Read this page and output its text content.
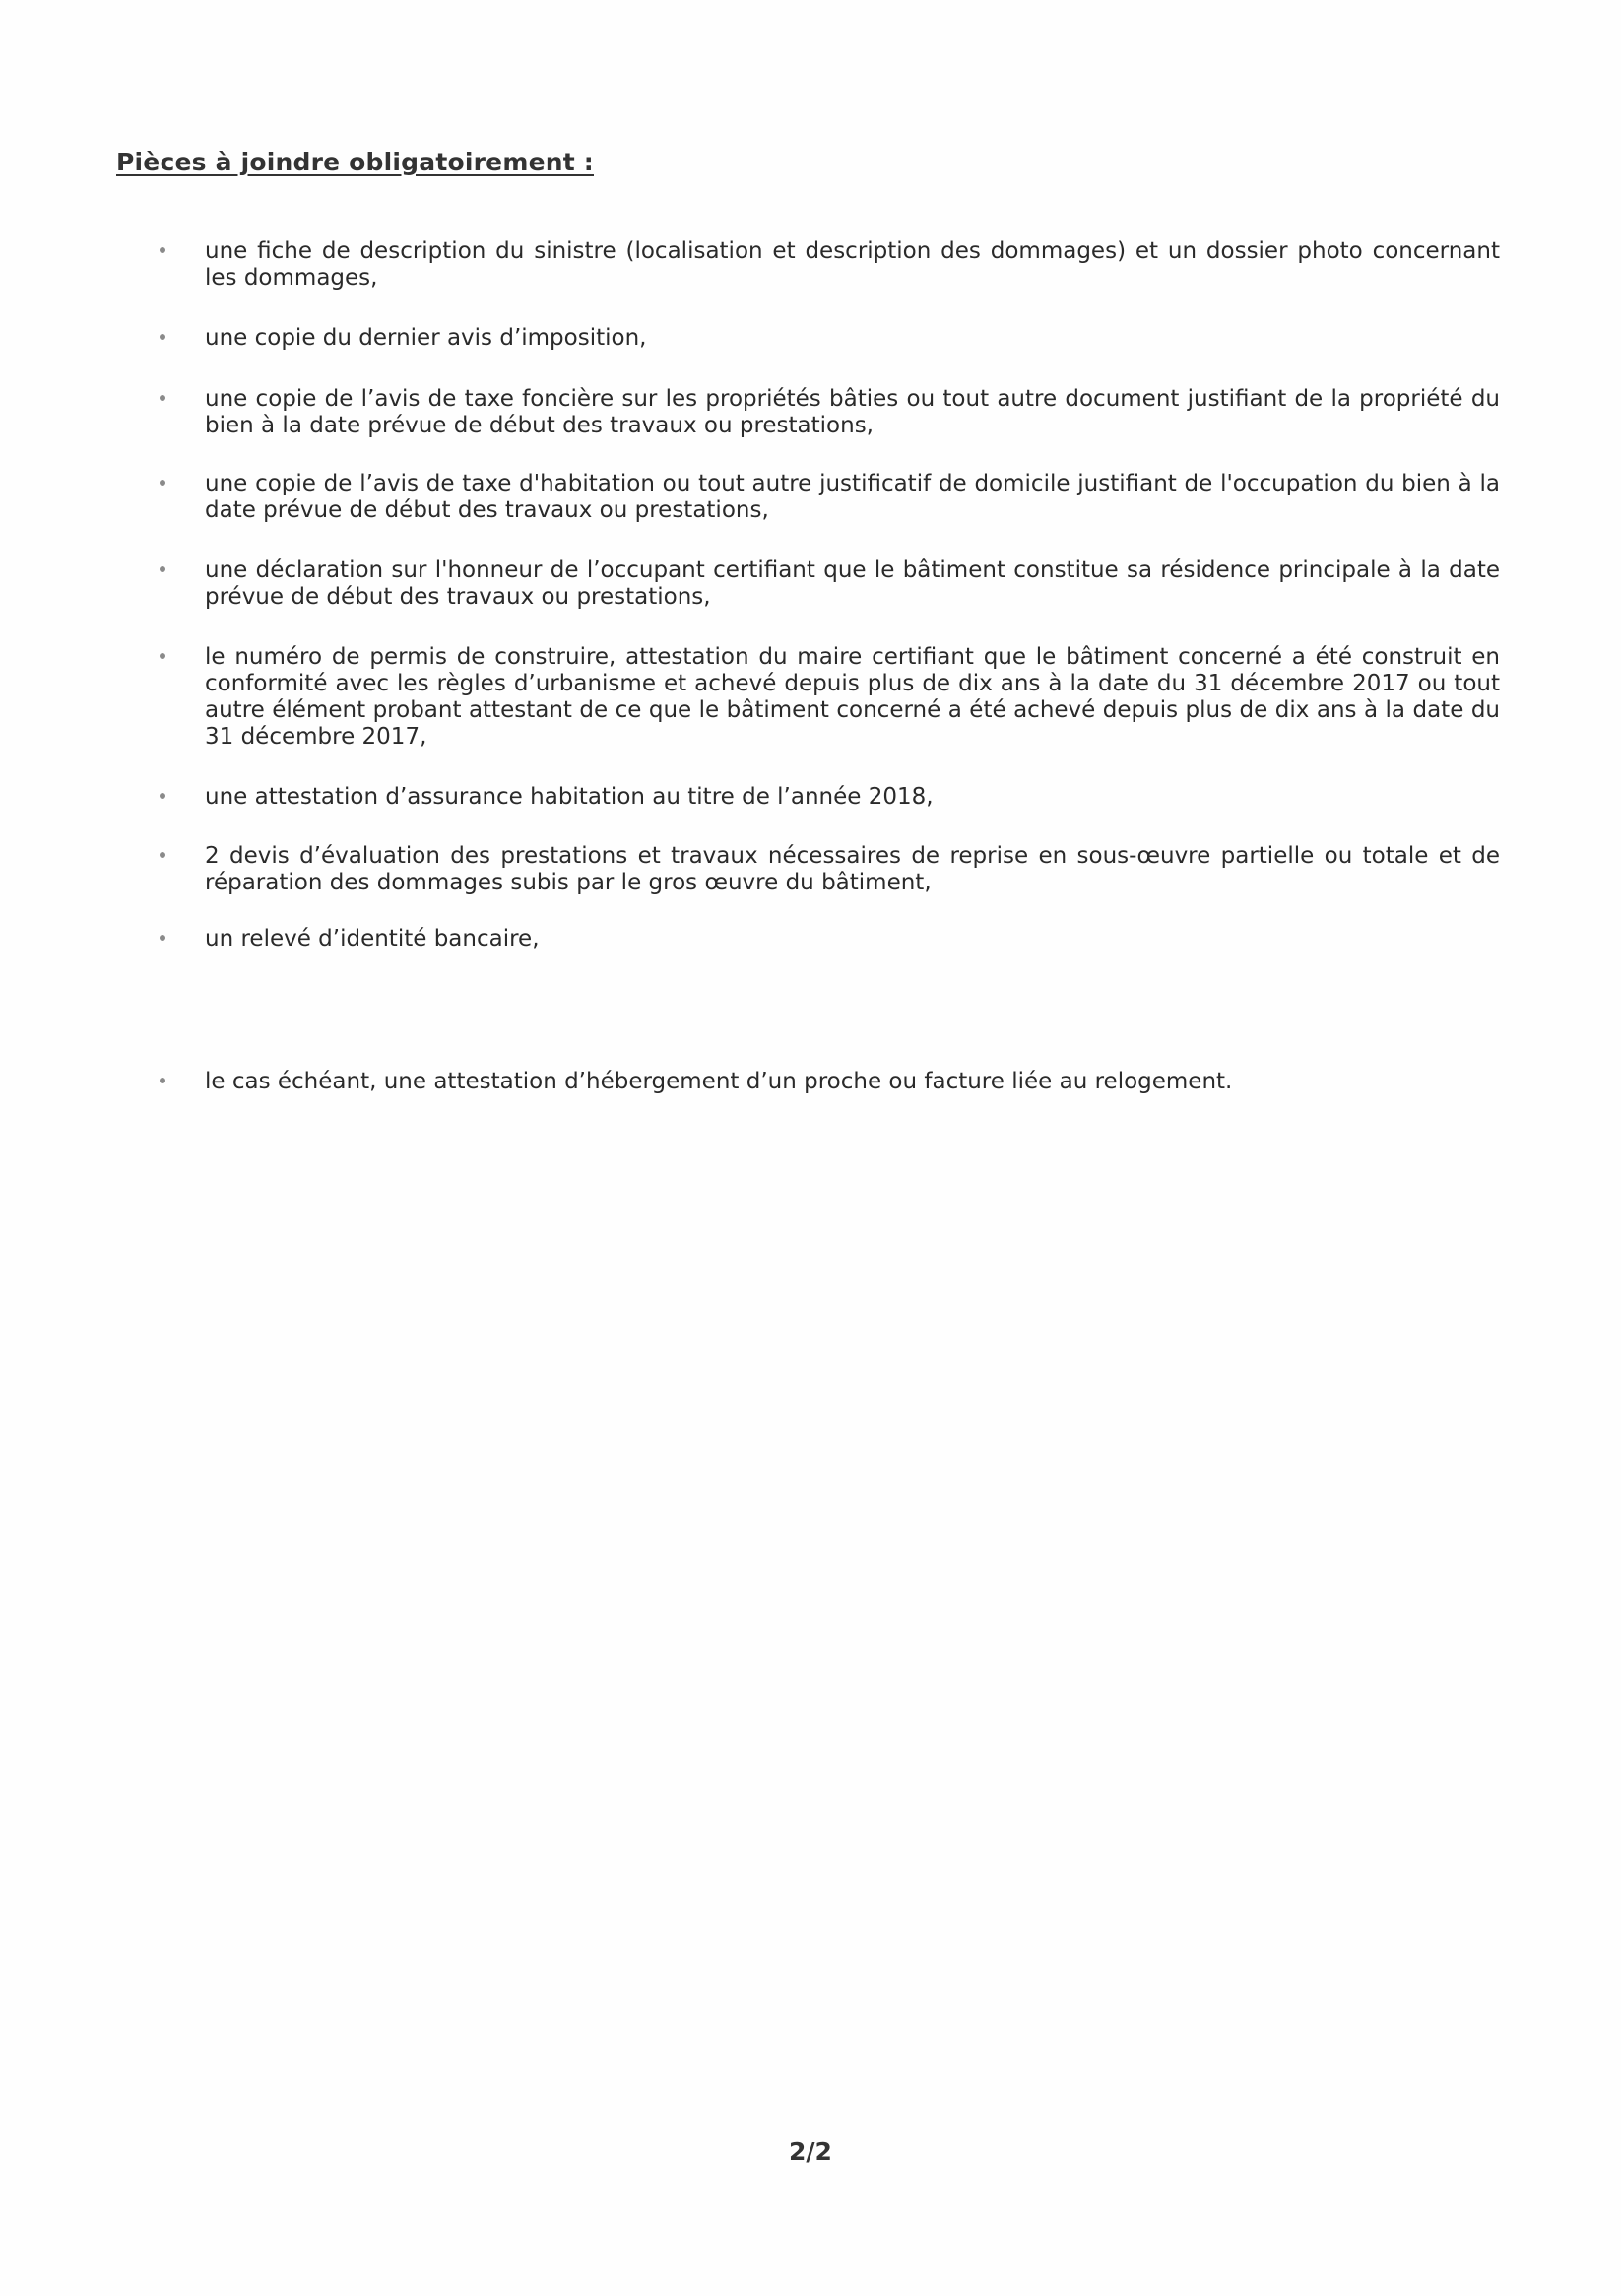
Pièces à joindre obligatoirement :

une fiche de description du sinistre (localisation et description des dommages) et un dossier photo concernant les dommages,

une copie du dernier avis d’imposition,

une copie de l’avis de taxe foncière sur les propriétés bâties ou tout autre document justifiant de la propriété du bien à la date prévue de début des travaux ou prestations,

une copie de l’avis de taxe d'habitation ou tout autre justificatif de domicile justifiant de l'occupation du bien à la date prévue de début des travaux ou prestations,

une déclaration sur l'honneur de l’occupant certifiant que le bâtiment constitue sa résidence principale à la date prévue de début des travaux ou prestations,

le numéro de permis de construire, attestation du maire certifiant que le bâtiment concerné a été construit en conformité avec les règles d’urbanisme et achevé depuis plus de dix ans à la date du 31 décembre 2017 ou tout autre élément probant attestant de ce que le bâtiment concerné a été achevé depuis plus de dix ans à la date du 31 décembre 2017,

une attestation d’assurance habitation au titre de l’année 2018,

2 devis d’évaluation des prestations et travaux nécessaires de reprise en sous-œuvre partielle ou totale et de réparation des dommages subis par le gros œuvre du bâtiment,

un relevé d’identité bancaire,

le cas échéant, une attestation d’hébergement d’un proche ou facture liée au relogement.

2/2
